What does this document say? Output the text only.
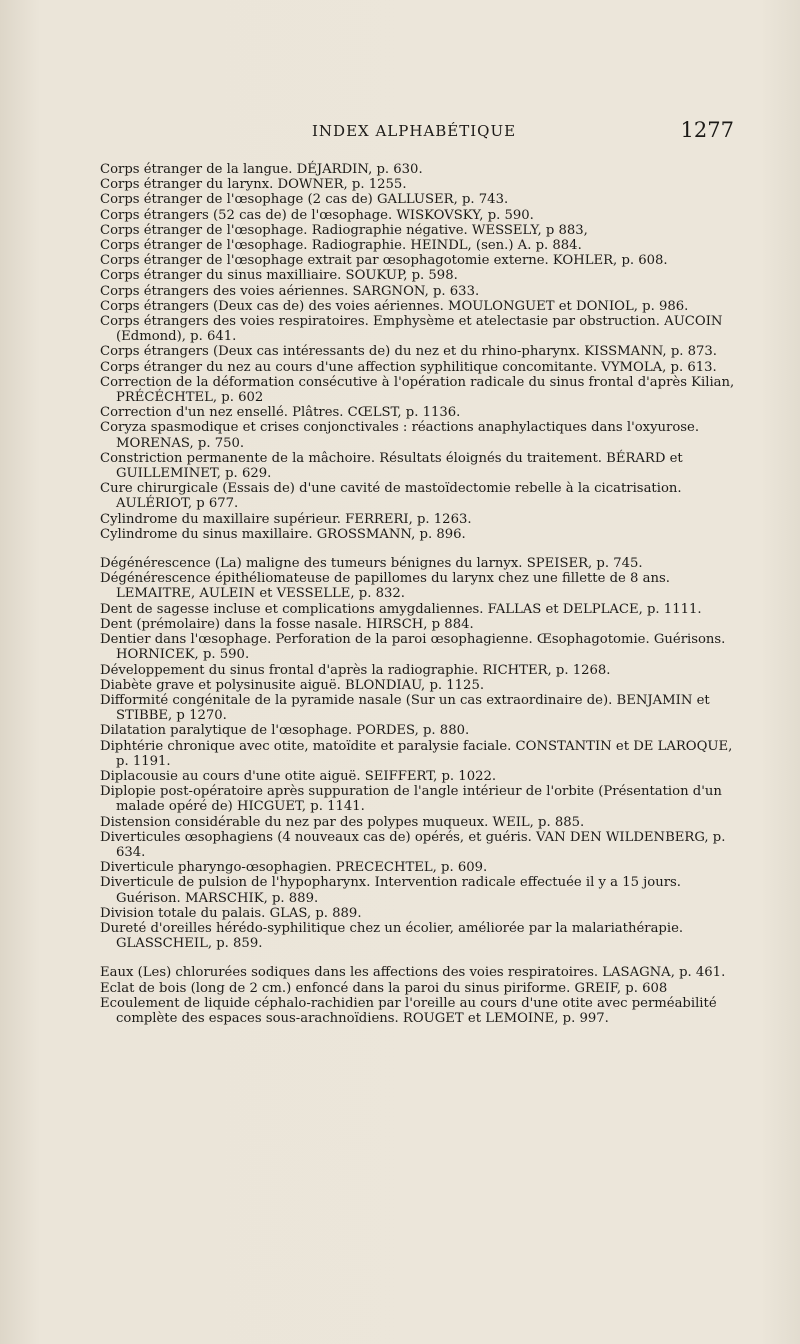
INDEX ALPHABÉTIQUE	1277

Corps étranger de la langue. DÉJARDIN, p. 630.

Corps étranger du larynx. DOWNER, p. 1255.

Corps étranger de l'œsophage (2 cas de) GALLUSER, p. 743.

Corps étrangers (52 cas de) de l'œsophage. WISKOVSKY, p. 590.

Corps étranger de l'œsophage. Radiographie négative. WESSELY, p 883,

Corps étranger de l'œsophage. Radiographie. HEINDL, (sen.) A. p. 884.

Corps étranger de l'œsophage extrait par œsophagotomie externe. KOHLER, p. 608.

Corps étranger du sinus maxilliaire. SOUKUP, p. 598.

Corps étrangers des voies aériennes. SARGNON, p. 633.

Corps étrangers (Deux cas de) des voies aériennes. MOULONGUET et DONIOL, p. 986.

Corps étrangers des voies respiratoires. Emphysème et atelectasie par obstruction. AUCOIN (Edmond), p. 641.

Corps étrangers (Deux cas intéressants de) du nez et du rhino-pharynx. KISSMANN, p. 873.

Corps étranger du nez au cours d'une affection syphilitique concomitante. VYMOLA, p. 613.

Correction de la déformation consécutive à l'opération radicale du sinus frontal d'après Kilian, PRÉCÉCHTEL, p. 602

Correction d'un nez ensellé. Plâtres. CŒLST, p. 1136.

Coryza spasmodique et crises conjonctivales : réactions anaphylactiques dans l'oxyurose. MORENAS, p. 750.

Constriction permanente de la mâchoire. Résultats éloignés du traitement. BÉRARD et GUILLEMINET, p. 629.

Cure chirurgicale (Essais de) d'une cavité de mastoïdectomie rebelle à la cicatrisation. AULÉRIOT, p 677.

Cylindrome du maxillaire supérieur. FERRERI, p. 1263.

Cylindrome du sinus maxillaire. GROSSMANN, p. 896.

Dégénérescence (La) maligne des tumeurs bénignes du larnyx. SPEISER, p. 745.

Dégénérescence épithéliomateuse de papillomes du larynx chez une fillette de 8 ans. LEMAITRE, AULEIN et VESSELLE, p. 832.

Dent de sagesse incluse et complications amygdaliennes. FALLAS et DELPLACE, p. 1111.

Dent (prémolaire) dans la fosse nasale. HIRSCH, p 884.

Dentier dans l'œsophage. Perforation de la paroi œsophagienne. Œsophagotomie. Guérisons. HORNICEK, p. 590.

Développement du sinus frontal d'après la radiographie. RICHTER, p. 1268.

Diabète grave et polysinusite aiguë. BLONDIAU, p. 1125.

Difformité congénitale de la pyramide nasale (Sur un cas extraordinaire de). BENJAMIN et STIBBE, p 1270.

Dilatation paralytique de l'œsophage. PORDES, p. 880.

Diphtérie chronique avec otite, matoïdite et paralysie faciale. CONSTANTIN et DE LAROQUE, p. 1191.

Diplacousie au cours d'une otite aiguë. SEIFFERT, p. 1022.

Diplopie post-opératoire après suppuration de l'angle intérieur de l'orbite (Présentation d'un malade opéré de) HICGUET, p. 1141.

Distension considérable du nez par des polypes muqueux. WEIL, p. 885.

Diverticules œsophagiens (4 nouveaux cas de) opérés, et guéris. VAN DEN WILDENBERG, p. 634.

Diverticule pharyngo-œsophagien. PRECECHTEL, p. 609.

Diverticule de pulsion de l'hypopharynx. Intervention radicale effectuée il y a 15 jours. Guérison. MARSCHIK, p. 889.

Division totale du palais. GLAS, p. 889.

Dureté d'oreilles hérédo-syphilitique chez un écolier, améliorée par la malariathérapie. GLASSCHEIL, p. 859.

Eaux (Les) chlorurées sodiques dans les affections des voies respiratoires. LASAGNA, p. 461.

Eclat de bois (long de 2 cm.) enfoncé dans la paroi du sinus piriforme. GREIF, p. 608

Ecoulement de liquide céphalo-rachidien par l'oreille au cours d'une otite avec perméabilité complète des espaces sous-arachnoïdiens. ROUGET et LEMOINE, p. 997.
